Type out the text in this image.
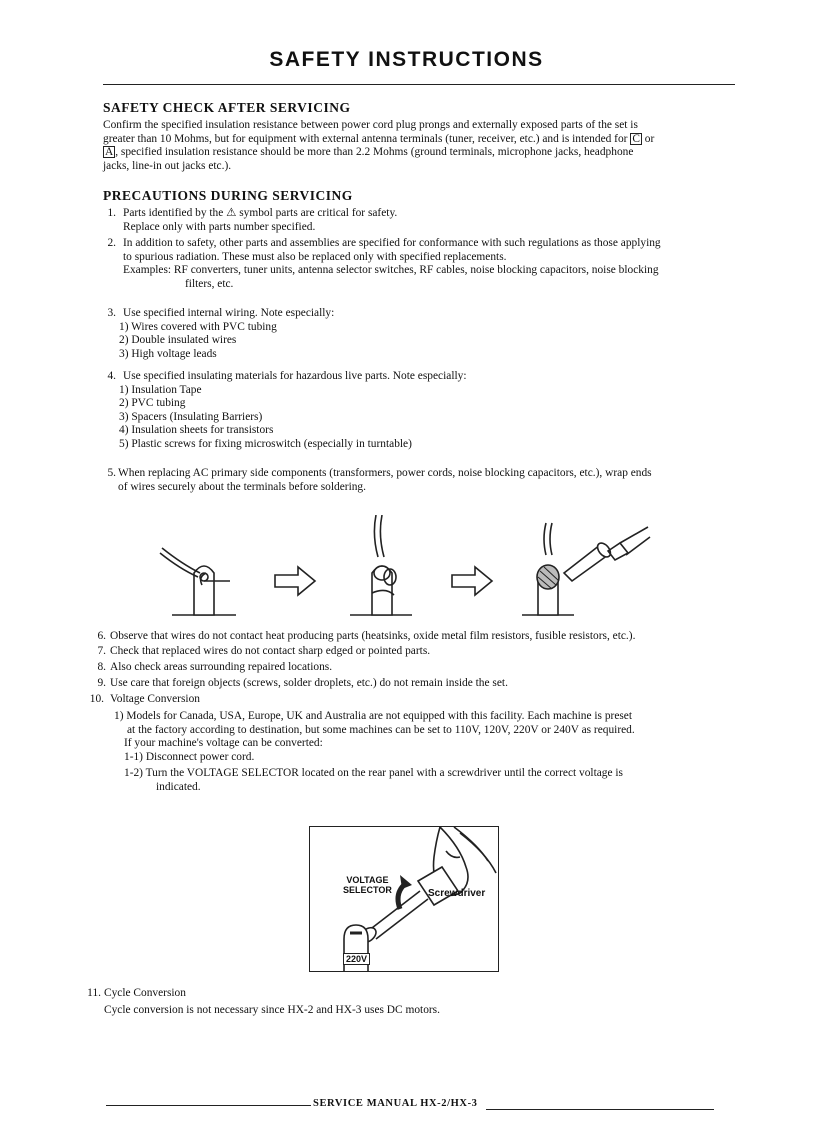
SAFETY INSTRUCTIONS
SAFETY CHECK AFTER SERVICING
Confirm the specified insulation resistance between power cord plug prongs and externally exposed parts of the set is
greater than 10 Mohms, but for equipment with external antenna terminals (tuner, receiver, etc.) and is intended for C or
A , specified insulation resistance should be more than 2.2 Mohms (ground terminals, microphone jacks, headphone
jacks, line-in out jacks etc.).
PRECAUTIONS DURING SERVICING
1. Parts identified by the ⚠ symbol parts are critical for safety.
Replace only with parts number specified.
2. In addition to safety, other parts and assemblies are specified for conformance with such regulations as those applying
to spurious radiation. These must also be replaced only with specified replacements.
Examples: RF converters, tuner units, antenna selector switches, RF cables, noise blocking capacitors, noise blocking
filters, etc.
3. Use specified internal wiring. Note especially:
1) Wires covered with PVC tubing
2) Double insulated wires
3) High voltage leads
4. Use specified insulating materials for hazardous live parts. Note especially:
1) Insulation Tape
2) PVC tubing
3) Spacers (Insulating Barriers)
4) Insulation sheets for transistors
5) Plastic screws for fixing microswitch (especially in turntable)
5. When replacing AC primary side components (transformers, power cords, noise blocking capacitors, etc.), wrap ends
of wires securely about the terminals before soldering.
6. Observe that wires do not contact heat producing parts (heatsinks, oxide metal film resistors, fusible resistors, etc.).
7. Check that replaced wires do not contact sharp edged or pointed parts.
8. Also check areas surrounding repaired locations.
9. Use care that foreign objects (screws, solder droplets, etc.) do not remain inside the set.
10. Voltage Conversion
1) Models for Canada, USA, Europe, UK and Australia are not equipped with this facility. Each machine is preset
at the factory according to destination, but some machines can be set to 110V, 120V, 220V or 240V as required.
If your machine's voltage can be converted:
1-1) Disconnect power cord.
1-2) Turn the VOLTAGE SELECTOR located on the rear panel with a screwdriver until the correct voltage is
indicated.
VOLTAGE
SELECTOR	Screwdriver
220V
11. Cycle Conversion
Cycle conversion is not necessary since HX-2 and HX-3 uses DC motors.
SERVICE MANUAL HX-2/HX-3
